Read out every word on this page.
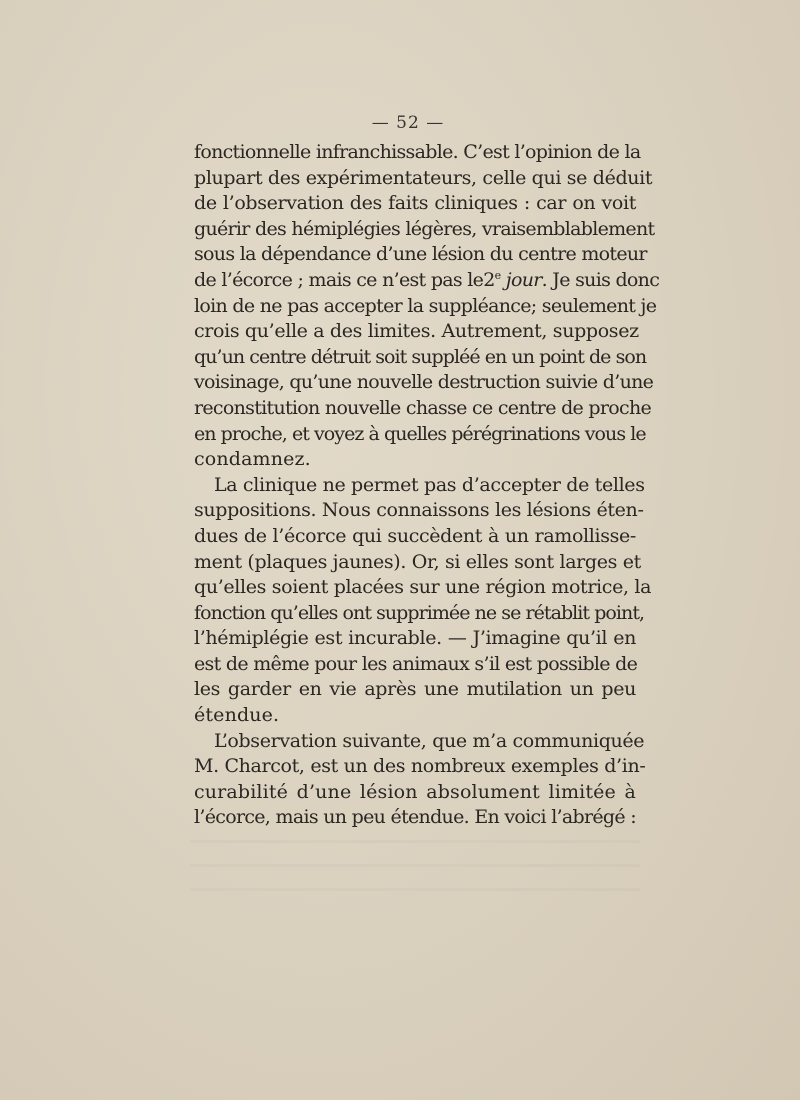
— 52 —
fonctionnelle infranchissable. C’est l’opinion de la
plupart des expérimentateurs, celle qui se déduit
de l’observation des faits cliniques : car on voit
guérir des hémiplégies légères, vraisemblablement
sous la dépendance d’une lésion du centre moteur
de l’écorce ; mais ce n’est pas le2e jour. Je suis donc
loin de ne pas accepter la suppléance; seulement je
crois qu’elle a des limites. Autrement, supposez
qu’un centre détruit soit suppléé en un point de son
voisinage, qu’une nouvelle destruction suivie d’une
reconstitution nouvelle chasse ce centre de proche
en proche, et voyez à quelles pérégrinations vous le
condamnez.
La clinique ne permet pas d’accepter de telles
suppositions. Nous connaissons les lésions éten-
dues de l’écorce qui succèdent à un ramollisse-
ment (plaques jaunes). Or, si elles sont larges et
qu’elles soient placées sur une région motrice, la
fonction qu’elles ont supprimée ne se rétablit point,
l’hémiplégie est incurable. — J’imagine qu’il en
est de même pour les animaux s’il est possible de
les garder en vie après une mutilation un peu
étendue.
L’observation suivante, que m’a communiquée
M. Charcot, est un des nombreux exemples d’in-
curabilité d’une lésion absolument limitée à
l’écorce, mais un peu étendue. En voici l’abrégé :
